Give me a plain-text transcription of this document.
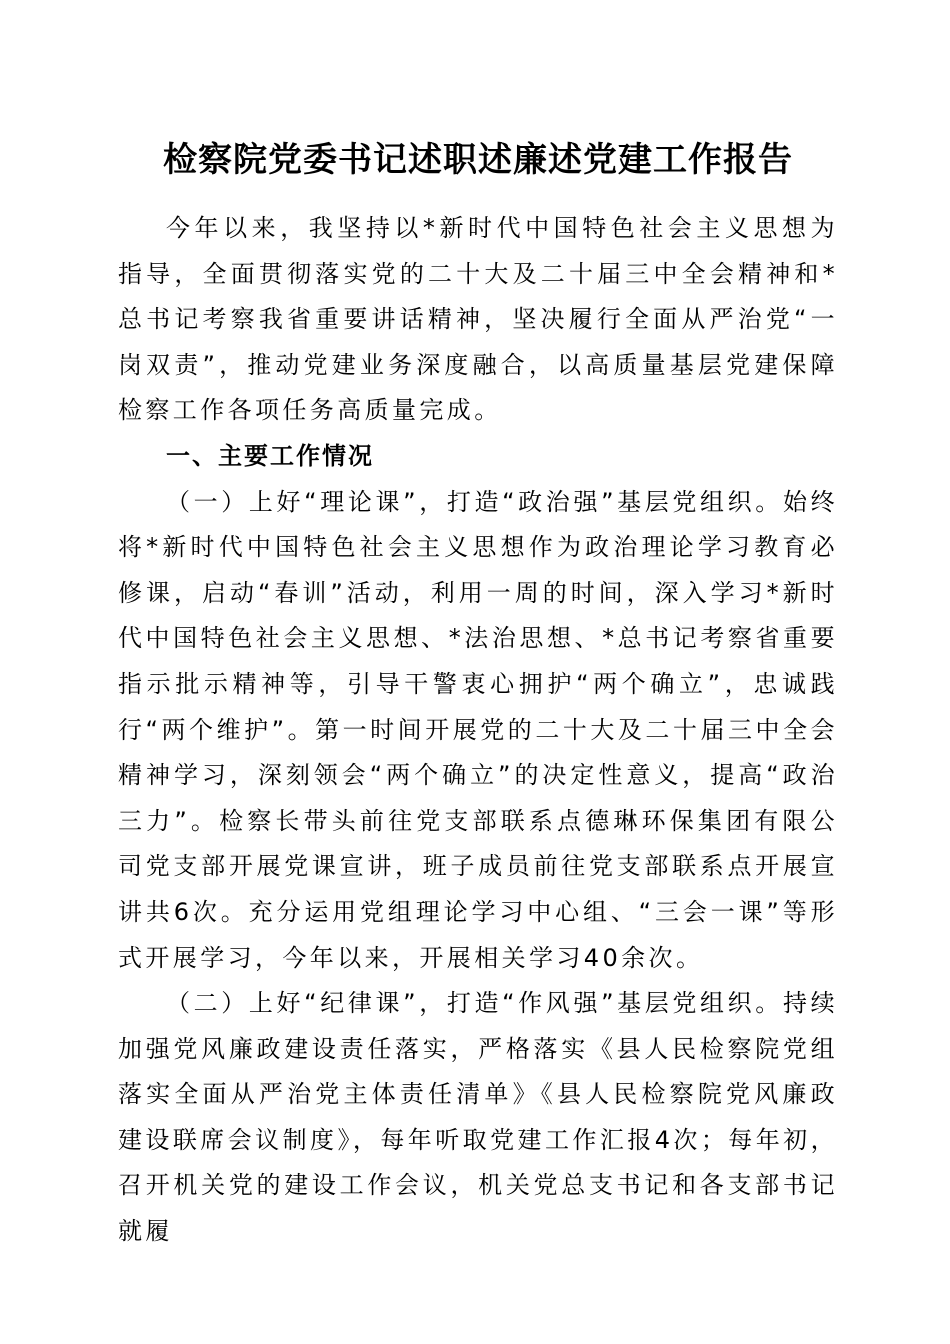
检察院党委书记述职述廉述党建工作报告

今年以来，我坚持以*新时代中国特色社会主义思想为指导，全面贯彻落实党的二十大及二十届三中全会精神和*总书记考察我省重要讲话精神，坚决履行全面从严治党“一岗双责”，推动党建业务深度融合，以高质量基层党建保障检察工作各项任务高质量完成。

一、主要工作情况

（一）上好“理论课”，打造“政治强”基层党组织。始终将*新时代中国特色社会主义思想作为政治理论学习教育必修课，启动“春训”活动，利用一周的时间，深入学习*新时代中国特色社会主义思想、*法治思想、*总书记考察省重要指示批示精神等，引导干警衷心拥护“两个确立”，忠诚践行“两个维护”。第一时间开展党的二十大及二十届三中全会精神学习，深刻领会“两个确立”的决定性意义，提高“政治三力”。检察长带头前往党支部联系点德琳环保集团有限公司党支部开展党课宣讲，班子成员前往党支部联系点开展宣讲共6次。充分运用党组理论学习中心组、“三会一课”等形式开展学习，今年以来，开展相关学习40余次。

（二）上好“纪律课”，打造“作风强”基层党组织。持续加强党风廉政建设责任落实，严格落实《县人民检察院党组落实全面从严治党主体责任清单》《县人民检察院党风廉政建设联席会议制度》，每年听取党建工作汇报4次；每年初，召开机关党的建设工作会议，机关党总支书记和各支部书记就履
